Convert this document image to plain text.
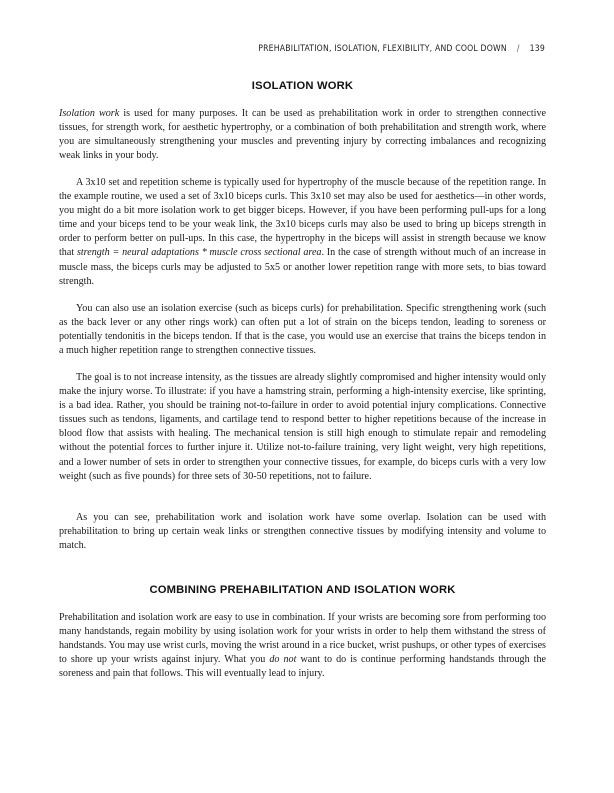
PREHABILITATION, ISOLATION, FLEXIBILITY, AND COOL DOWN / 139
ISOLATION WORK

Isolation work is used for many purposes. It can be used as prehabilitation work in order to strengthen connective tissues, for strength work, for aesthetic hypertrophy, or a combination of both prehabilitation and strength work, where you are simultaneously strengthening your muscles and preventing injury by correcting imbalances and recognizing weak links in your body.

A 3x10 set and repetition scheme is typically used for hypertrophy of the muscle because of the repetition range. In the example routine, we used a set of 3x10 biceps curls. This 3x10 set may also be used for aesthetics—in other words, you might do a bit more isolation work to get bigger biceps. However, if you have been performing pull-ups for a long time and your biceps tend to be your weak link, the 3x10 biceps curls may also be used to bring up biceps strength in order to perform better on pull-ups. In this case, the hypertrophy in the biceps will assist in strength because we know that strength = neural adaptations * muscle cross sectional area. In the case of strength without much of an increase in muscle mass, the biceps curls may be adjusted to 5x5 or another lower repetition range with more sets, to bias toward strength.

You can also use an isolation exercise (such as biceps curls) for prehabilitation. Specific strengthening work (such as the back lever or any other rings work) can often put a lot of strain on the biceps tendon, leading to soreness or potentially tendonitis in the biceps tendon. If that is the case, you would use an exercise that trains the biceps tendon in a much higher repetition range to strengthen connective tissues.

The goal is to not increase intensity, as the tissues are already slightly compromised and higher intensity would only make the injury worse. To illustrate: if you have a hamstring strain, performing a high-intensity exercise, like sprinting, is a bad idea. Rather, you should be training not-to-failure in order to avoid potential injury complications. Connective tissues such as tendons, ligaments, and cartilage tend to respond better to higher repetitions because of the increase in blood flow that assists with healing. The mechanical tension is still high enough to stimulate repair and remodeling without the potential forces to further injure it. Utilize not-to-failure training, very light weight, very high repetitions, and a lower number of sets in order to strengthen your connective tissues, for example, do biceps curls with a very low weight (such as five pounds) for three sets of 30-50 repetitions, not to failure.

As you can see, prehabilitation work and isolation work have some overlap. Isolation can be used with prehabilitation to bring up certain weak links or strengthen connective tissues by modifying intensity and volume to match.

COMBINING PREHABILITATION AND ISOLATION WORK

Prehabilitation and isolation work are easy to use in combination. If your wrists are becoming sore from performing too many handstands, regain mobility by using isolation work for your wrists in order to help them withstand the stress of handstands. You may use wrist curls, moving the wrist around in a rice bucket, wrist pushups, or other types of exercises to shore up your wrists against injury. What you do not want to do is continue performing handstands through the soreness and pain that follows. This will eventually lead to injury.
